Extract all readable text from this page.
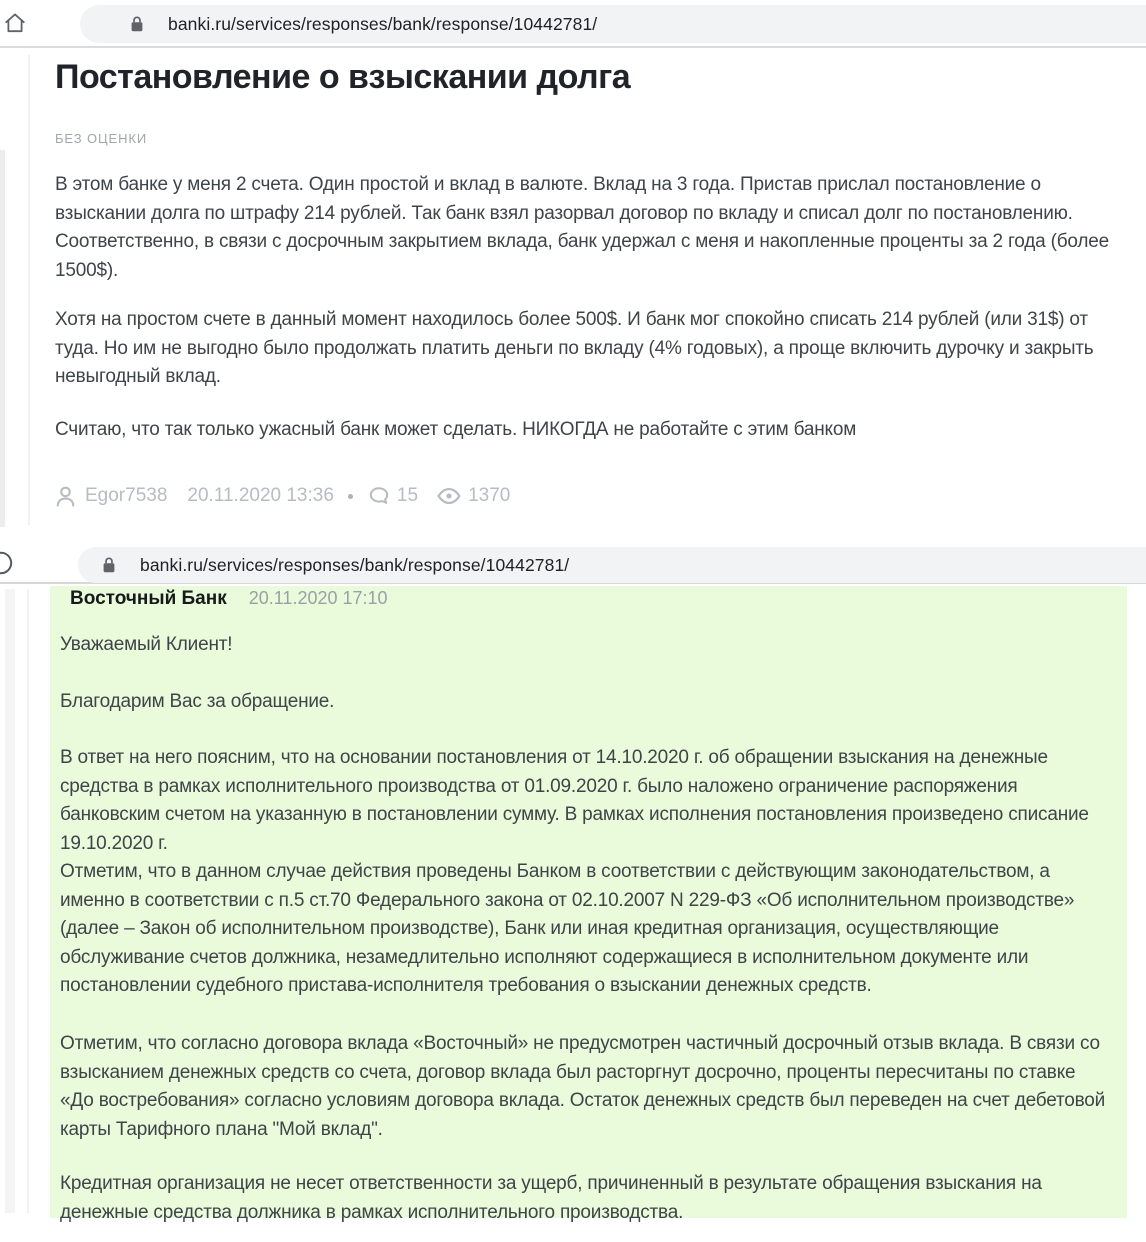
banki.ru/services/responses/bank/response/10442781/
Постановление о взыскании долга
БЕЗ ОЦЕНКИ

В этом банке у меня 2 счета. Один простой и вклад в валюте. Вклад на 3 года. Пристав прислал постановление о взыскании долга по штрафу 214 рублей. Так банк взял разорвал договор по вкладу и списал долг по постановлению. Соответственно, в связи с досрочным закрытием вклада, банк удержал с меня и накопленные проценты за 2 года (более 1500$).

Хотя на простом счете в данный момент находилось более 500$. И банк мог спокойно списать 214 рублей (или 31$) от туда. Но им не выгодно было продолжать платить деньги по вкладу (4% годовых), а проще включить дурочку и закрыть невыгодный вклад.

Считаю, что так только ужасный банк может сделать. НИКОГДА не работайте с этим банком

Egor7538 20.11.2020 13:36	15	1370
banki.ru/services/responses/bank/response/10442781/
Восточный Банк 20.11.2020 17:10

Уважаемый Клиент!

Благодарим Вас за обращение.

В ответ на него поясним, что на основании постановления от 14.10.2020 г. об обращении взыскания на денежные средства в рамках исполнительного производства от 01.09.2020 г. было наложено ограничение распоряжения банковским счетом на указанную в постановлении сумму. В рамках исполнения постановления произведено списание 19.10.2020 г.

Отметим, что в данном случае действия проведены Банком в соответствии с действующим законодательством, а именно в соответствии с п.5 ст.70 Федерального закона от 02.10.2007 N 229-ФЗ «Об исполнительном производстве» (далее – Закон об исполнительном производстве), Банк или иная кредитная организация, осуществляющие обслуживание счетов должника, незамедлительно исполняют содержащиеся в исполнительном документе или постановлении судебного пристава-исполнителя требования о взыскании денежных средств.

Отметим, что согласно договора вклада «Восточный» не предусмотрен частичный досрочный отзыв вклада. В связи со взысканием денежных средств со счета, договор вклада был расторгнут досрочно, проценты пересчитаны по ставке «До востребования» согласно условиям договора вклада. Остаток денежных средств был переведен на счет дебетовой карты Тарифного плана "Мой вклад".

Кредитная организация не несет ответственности за ущерб, причиненный в результате обращения взыскания на денежные средства должника в рамках исполнительного производства.
